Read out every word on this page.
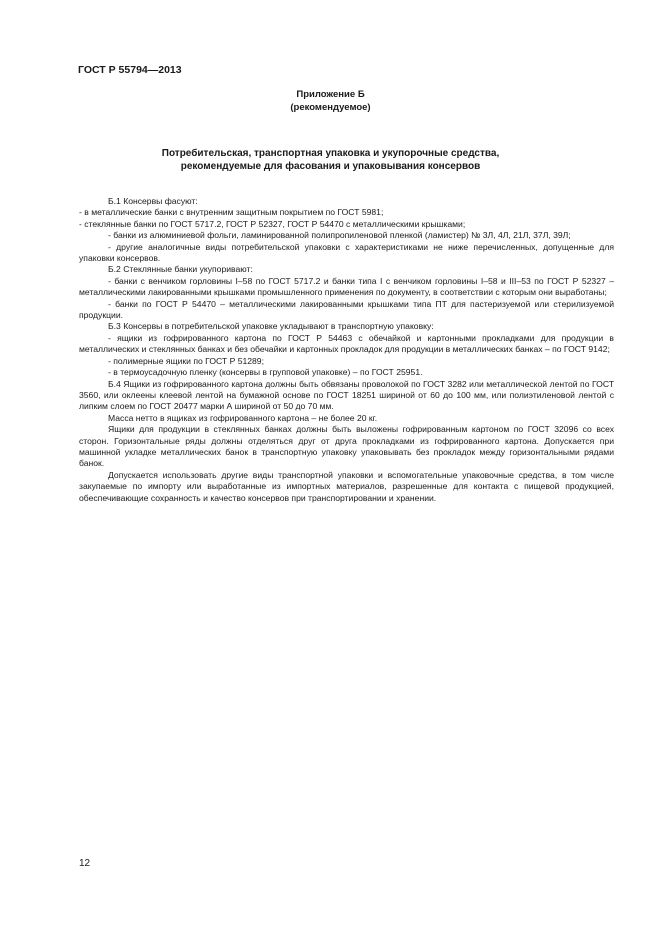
ГОСТ Р 55794—2013
Приложение Б
(рекомендуемое)
Потребительская, транспортная упаковка и укупорочные средства,
рекомендуемые для фасования и упаковывания консервов

Б.1 Консервы фасуют:

- в металлические банки с внутренним защитным покрытием по ГОСТ 5981;

- стеклянные банки по ГОСТ 5717.2, ГОСТ Р 52327, ГОСТ Р 54470 с металлическими крышками;

- банки из алюминиевой фольги, ламинированной полипропиленовой пленкой (ламистер) № 3Л, 4Л, 21Л, 37Л, 39Л;

- другие аналогичные виды потребительской упаковки с характеристиками не ниже перечисленных, допущенные для упаковки консервов.

Б.2 Стеклянные банки укупоривают:

- банки с венчиком горловины I–58 по ГОСТ 5717.2 и банки типа I с венчиком горловины I–58 и III–53 по ГОСТ Р 52327 – металлическими лакированными крышками промышленного применения по документу, в соответствии с которым они выработаны;

- банки по ГОСТ Р 54470 – металлическими лакированными крышками типа ПТ для пастеризуемой или стерилизуемой продукции.

Б.3 Консервы в потребительской упаковке укладывают в транспортную упаковку:

- ящики из гофрированного картона по ГОСТ Р 54463 с обечайкой и картонными прокладками для продукции в металлических и стеклянных банках и без обечайки и картонных прокладок для продукции в металлических банках – по ГОСТ 9142;

- полимерные ящики по ГОСТ Р 51289;

- в термоусадочную пленку (консервы в групповой упаковке) – по ГОСТ 25951.

Б.4 Ящики из гофрированного картона должны быть обвязаны проволокой по ГОСТ 3282 или металлической лентой по ГОСТ 3560, или оклеены клеевой лентой на бумажной основе по ГОСТ 18251 шириной от 60 до 100 мм, или полиэтиленовой лентой с липким слоем по ГОСТ 20477 марки А шириной от 50 до 70 мм.

Масса нетто в ящиках из гофрированного картона – не более 20 кг.

Ящики для продукции в стеклянных банках должны быть выложены гофрированным картоном по ГОСТ 32096 со всех сторон. Горизонтальные ряды должны отделяться друг от друга прокладками из гофрированного картона. Допускается при машинной укладке металлических банок в транспортную упаковку упаковывать без прокладок между горизонтальными рядами банок.

Допускается использовать другие виды транспортной упаковки и вспомогательные упаковочные средства, в том числе закупаемые по импорту или выработанные из импортных материалов, разрешенные для контакта с пищевой продукцией, обеспечивающие сохранность и качество консервов при транспортировании и хранении.

12
